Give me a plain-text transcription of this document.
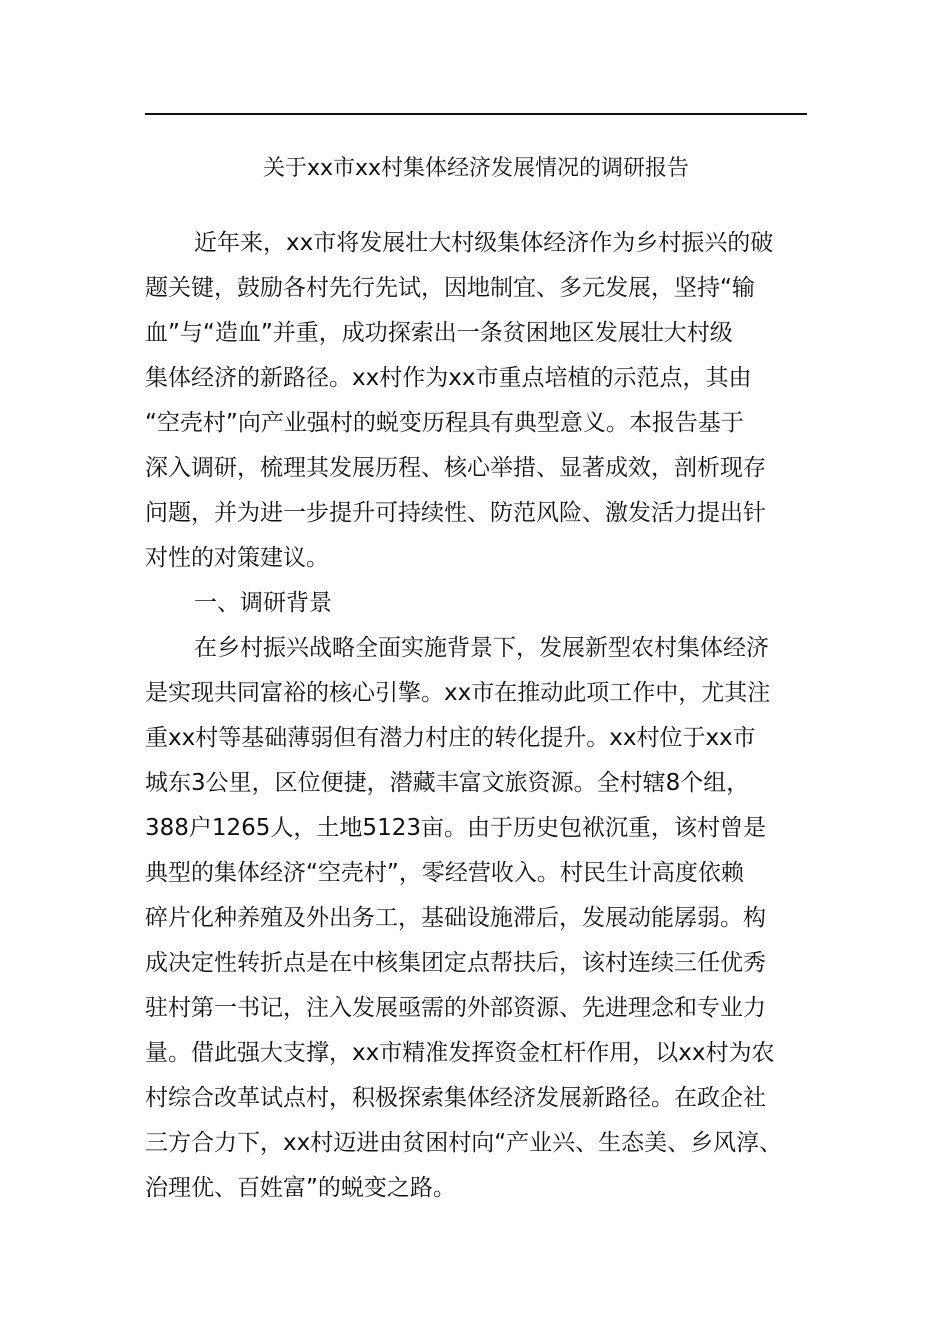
关于xx市xx村集体经济发展情况的调研报告
近年来，xx市将发展壮大村级集体经济作为乡村振兴的破
题关键，鼓励各村先行先试，因地制宜、多元发展，坚持“输
血”与“造血”并重，成功探索出一条贫困地区发展壮大村级
集体经济的新路径。xx村作为xx市重点培植的示范点，其由
“空壳村”向产业强村的蜕变历程具有典型意义。本报告基于
深入调研，梳理其发展历程、核心举措、显著成效，剖析现存
问题，并为进一步提升可持续性、防范风险、激发活力提出针
对性的对策建议。
一、调研背景
在乡村振兴战略全面实施背景下，发展新型农村集体经济
是实现共同富裕的核心引擎。xx市在推动此项工作中，尤其注
重xx村等基础薄弱但有潜力村庄的转化提升。xx村位于xx市
城东3公里，区位便捷，潜藏丰富文旅资源。全村辖8个组，
388户1265人，土地5123亩。由于历史包袱沉重，该村曾是
典型的集体经济“空壳村”，零经营收入。村民生计高度依赖
碎片化种养殖及外出务工，基础设施滞后，发展动能孱弱。构
成决定性转折点是在中核集团定点帮扶后，该村连续三任优秀
驻村第一书记，注入发展亟需的外部资源、先进理念和专业力
量。借此强大支撑，xx市精准发挥资金杠杆作用，以xx村为农
村综合改革试点村，积极探索集体经济发展新路径。在政企社
三方合力下，xx村迈进由贫困村向“产业兴、生态美、乡风淳、
治理优、百姓富”的蜕变之路。
